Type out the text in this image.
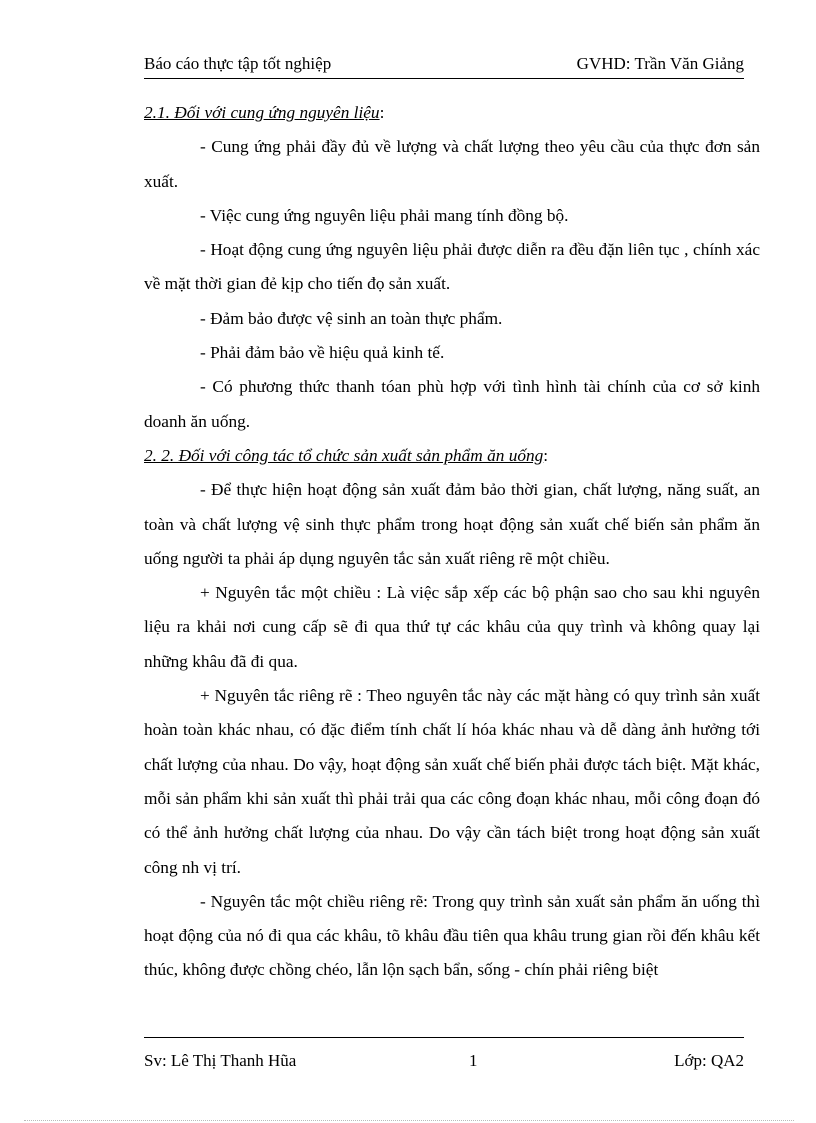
Báo cáo thực tập tốt nghiệp	GVHD: Trần Văn Giảng

2.1. Đối với cung ứng nguyên liệu:

- Cung ứng phải đầy đủ về lượng và chất lượng theo yêu cầu của thực đơn sản xuất.

- Việc cung ứng nguyên liệu phải mang tính đồng bộ.

- Hoạt động cung ứng nguyên liệu phải được diễn ra đều đặn liên tục , chính xác về mặt thời gian đẻ kịp cho tiến đọ sản xuất.

- Đảm bảo được vệ sinh an toàn thực phẩm.

- Phải đảm bảo về hiệu quả kinh tế.

- Có phương thức thanh tóan phù hợp với tình hình tài chính của cơ sở kinh doanh ăn uống.

2. 2. Đối với công tác tổ chức sản xuất sản phẩm ăn uống:

- Để thực hiện hoạt động sản xuất đảm bảo thời gian, chất lượng, năng suất, an toàn và chất lượng vệ sinh thực phẩm trong hoạt động sản xuất chế biến sản phẩm ăn uống người ta phải áp dụng nguyên tắc sản xuất riêng rẽ một chiều.

+ Nguyên tắc một chiều : Là việc sắp xếp các bộ phận sao cho sau khi nguyên liệu ra khải nơi cung cấp sẽ đi qua thứ tự các khâu của quy trình và không quay lại những khâu đã đi qua.

+ Nguyên tắc riêng rẽ : Theo nguyên tắc này các mặt hàng có quy trình sản xuất hoàn toàn khác nhau, có đặc điểm tính chất lí hóa khác nhau và dễ dàng ảnh hưởng tới chất lượng của nhau. Do vậy, hoạt động sản xuất chế biến phải được tách biệt. Mặt khác, mỗi sản phẩm khi sản xuất thì phải trải qua các công đoạn khác nhau, mỗi công đoạn đó có thể ảnh hưởng chất lượng của nhau. Do vậy cần tách biệt trong hoạt động sản xuất công nh vị trí.

- Nguyên tắc một chiều riêng rẽ: Trong quy trình sản xuất sản phẩm ăn uống thì hoạt động của nó đi qua các khâu, tõ khâu đầu tiên qua khâu trung gian rồi đến khâu kết thúc, không được chồng chéo, lẫn lộn sạch bẩn, sống - chín phải riêng biệt

Sv: Lê Thị Thanh Hũa	1	Lớp: QA2
